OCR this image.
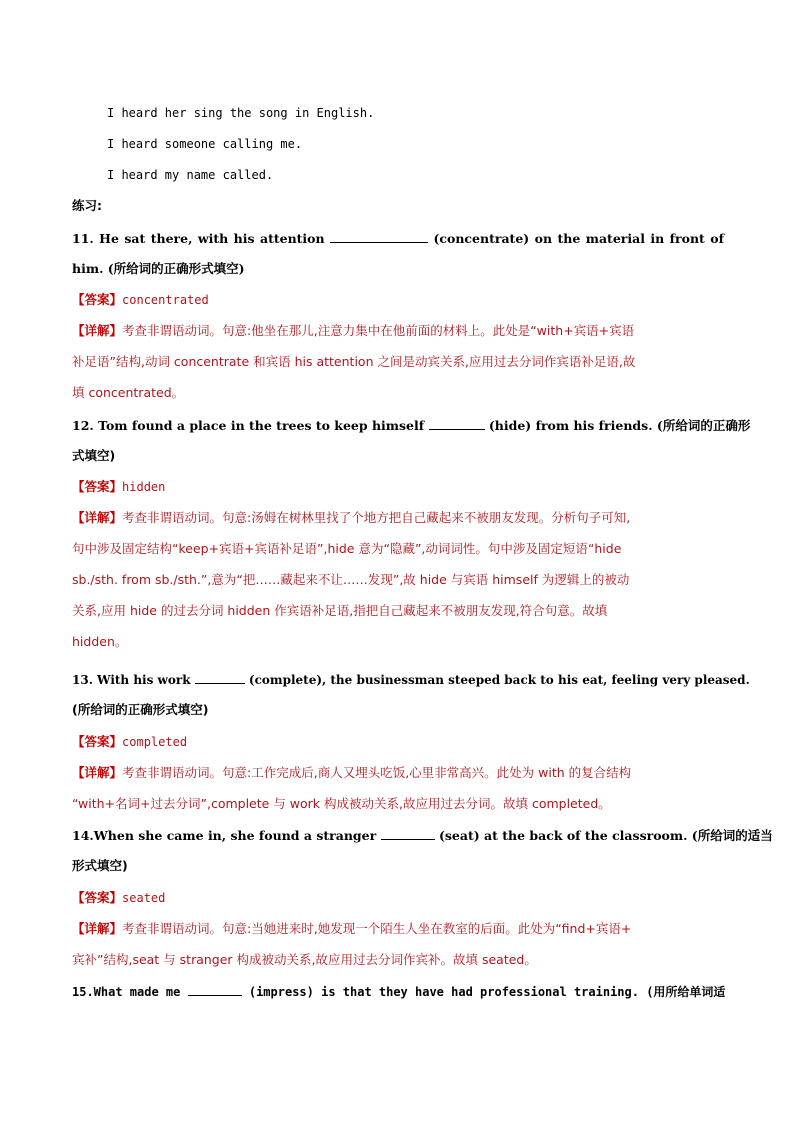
I heard her sing the song in English.
I heard someone calling me.
I heard my name called.
练习:
11. He sat there, with his attention	(concentrate) on the material in front of
him. (所给词的正确形式填空)
【答案】concentrated
【详解】考查非谓语动词。句意:他坐在那儿,注意力集中在他前面的材料上。此处是“with+宾语+宾语
补足语”结构,动词 concentrate 和宾语 his attention 之间是动宾关系,应用过去分词作宾语补足语,故
填 concentrated。
12. Tom found a place in the trees to keep himself	(hide) from his friends. (所给词的正确形
式填空)
【答案】hidden
【详解】考查非谓语动词。句意:汤姆在树林里找了个地方把自己藏起来不被朋友发现。分析句子可知,
句中涉及固定结构“keep+宾语+宾语补足语”,hide 意为“隐藏”,动词词性。句中涉及固定短语“hide
sb./sth. from sb./sth.”,意为“把……藏起来不让……发现”,故 hide 与宾语 himself 为逻辑上的被动
关系,应用 hide 的过去分词 hidden 作宾语补足语,指把自己藏起来不被朋友发现,符合句意。故填
hidden。
13. With his work	(complete), the businessman steeped back to his eat, feeling very pleased.
(所给词的正确形式填空)
【答案】completed
【详解】考查非谓语动词。句意:工作完成后,商人又埋头吃饭,心里非常高兴。此处为 with 的复合结构
“with+名词+过去分词”,complete 与 work 构成被动关系,故应用过去分词。故填 completed。
14.When she came in, she found a stranger	(seat) at the back of the classroom. (所给词的适当
形式填空)
【答案】seated
【详解】考查非谓语动词。句意:当她进来时,她发现一个陌生人坐在教室的后面。此处为“find+宾语+
宾补”结构,seat 与 stranger 构成被动关系,故应用过去分词作宾补。故填 seated。
15.What made me	(impress) is that they have had professional training. (用所给单词适
